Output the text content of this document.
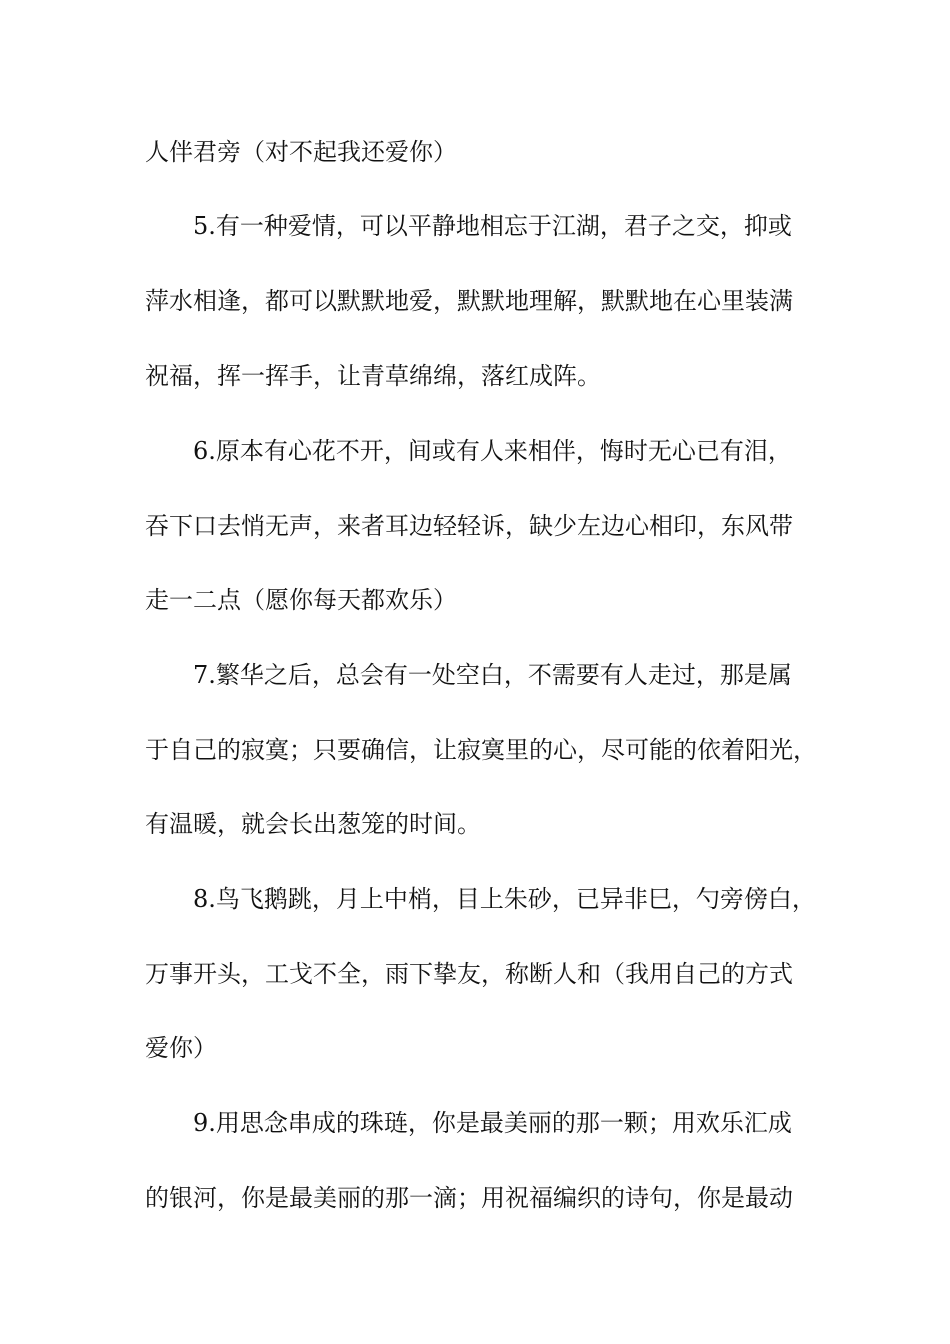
人伴君旁（对不起我还爱你）
5.有一种爱情，可以平静地相忘于江湖，君子之交，抑或
萍水相逢，都可以默默地爱，默默地理解，默默地在心里装满
祝福，挥一挥手，让青草绵绵，落红成阵。
6.原本有心花不开，间或有人来相伴，悔时无心已有泪，
吞下口去悄无声，来者耳边轻轻诉，缺少左边心相印，东风带
走一二点（愿你每天都欢乐）
7.繁华之后，总会有一处空白，不需要有人走过，那是属
于自己的寂寞；只要确信，让寂寞里的心，尽可能的依着阳光，
有温暖，就会长出葱笼的时间。
8.鸟飞鹅跳，月上中梢，目上朱砂，已异非巳，勺旁傍白，
万事开头，工戈不全，雨下挚友，称断人和（我用自己的方式
爱你）
9.用思念串成的珠琏，你是最美丽的那一颗；用欢乐汇成
的银河，你是最美丽的那一滴；用祝福编织的诗句，你是最动
